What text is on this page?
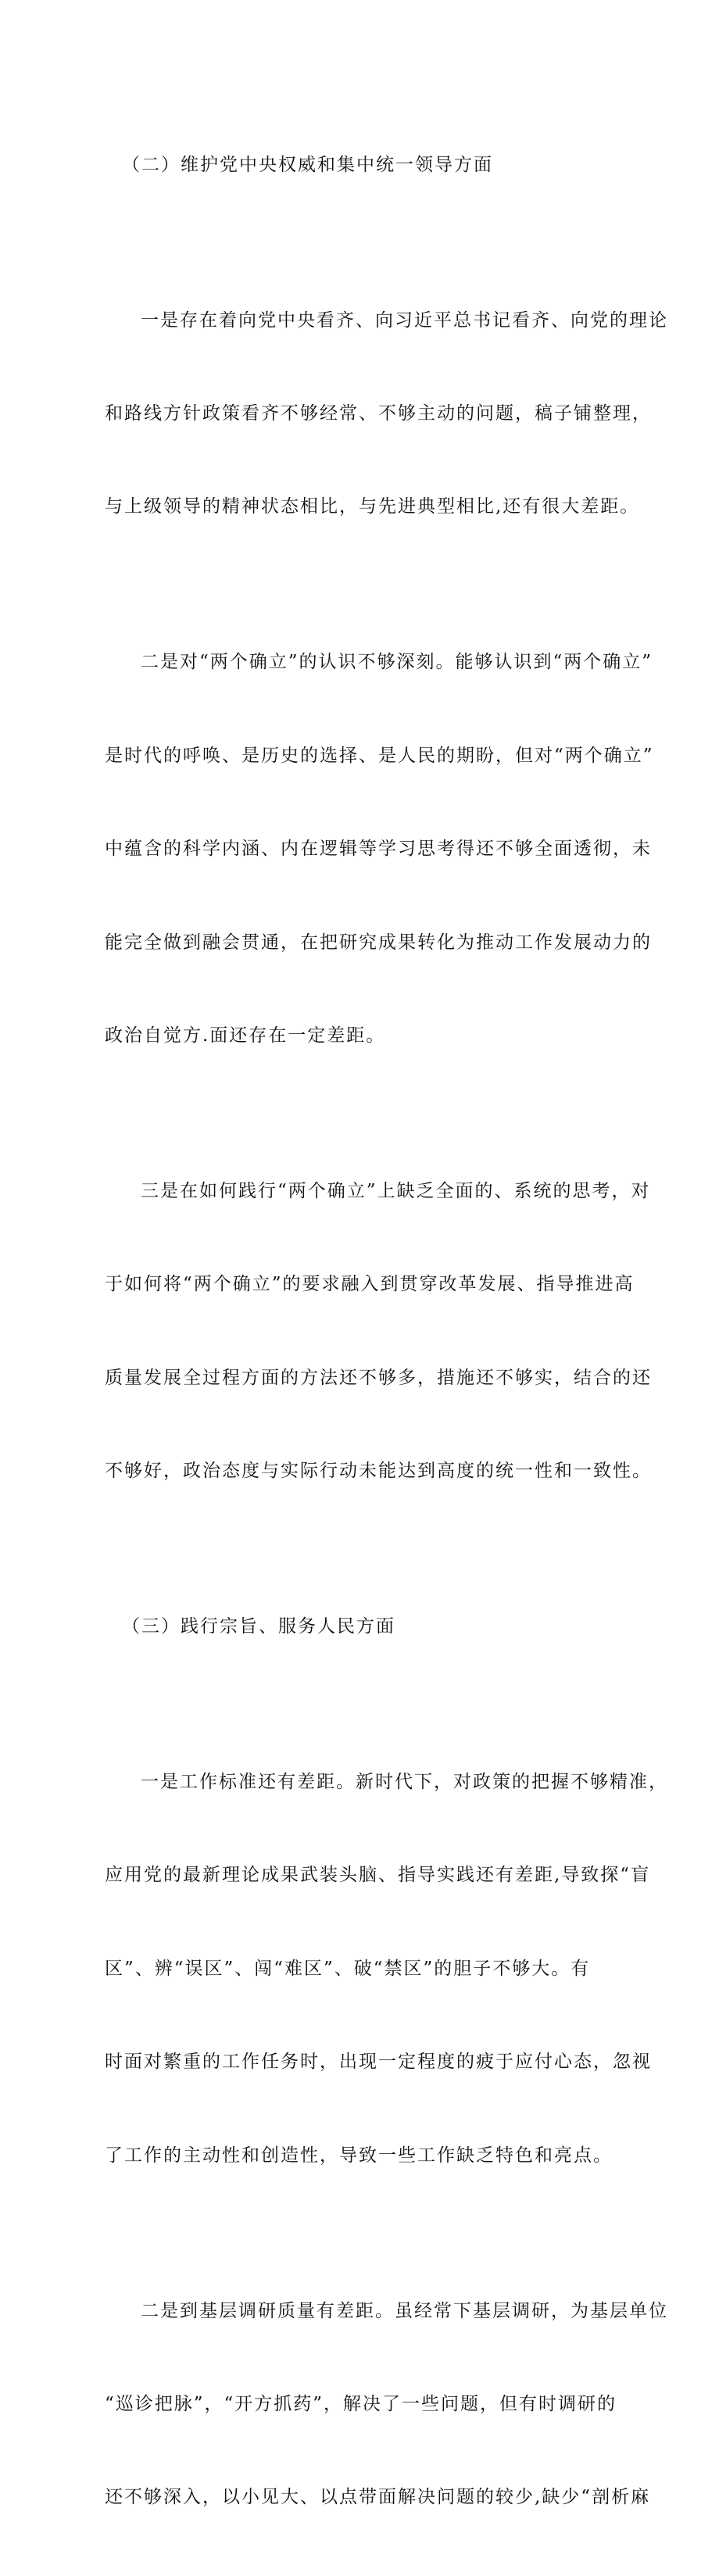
（二）维护党中央权威和集中统一领导方面

一是存在着向党中央看齐、向习近平总书记看齐、向党的理论

和路线方针政策看齐不够经常、不够主动的问题，稿子铺整理，

与上级领导的精神状态相比，与先进典型相比,还有很大差距。

二是对“两个确立”的认识不够深刻。能够认识到“两个确立”

是时代的呼唤、是历史的选择、是人民的期盼，但对“两个确立”

中蕴含的科学内涵、内在逻辑等学习思考得还不够全面透彻，未

能完全做到融会贯通，在把研究成果转化为推动工作发展动力的

政治自觉方.面还存在一定差距。

三是在如何践行“两个确立”上缺乏全面的、系统的思考，对

于如何将“两个确立”的要求融入到贯穿改革发展、指导推进高

质量发展全过程方面的方法还不够多，措施还不够实，结合的还

不够好，政治态度与实际行动未能达到高度的统一性和一致性。

（三）践行宗旨、服务人民方面

一是工作标准还有差距。新时代下，对政策的把握不够精准，

应用党的最新理论成果武装头脑、指导实践还有差距,导致探“盲

区”、辨“误区”、闯“难区”、破“禁区”的胆子不够大。有

时面对繁重的工作任务时，出现一定程度的疲于应付心态，忽视

了工作的主动性和创造性，导致一些工作缺乏特色和亮点。

二是到基层调研质量有差距。虽经常下基层调研，为基层单位

“巡诊把脉”，“开方抓药”，解决了一些问题，但有时调研的

还不够深入，以小见大、以点带面解决问题的较少,缺少“剖析麻
